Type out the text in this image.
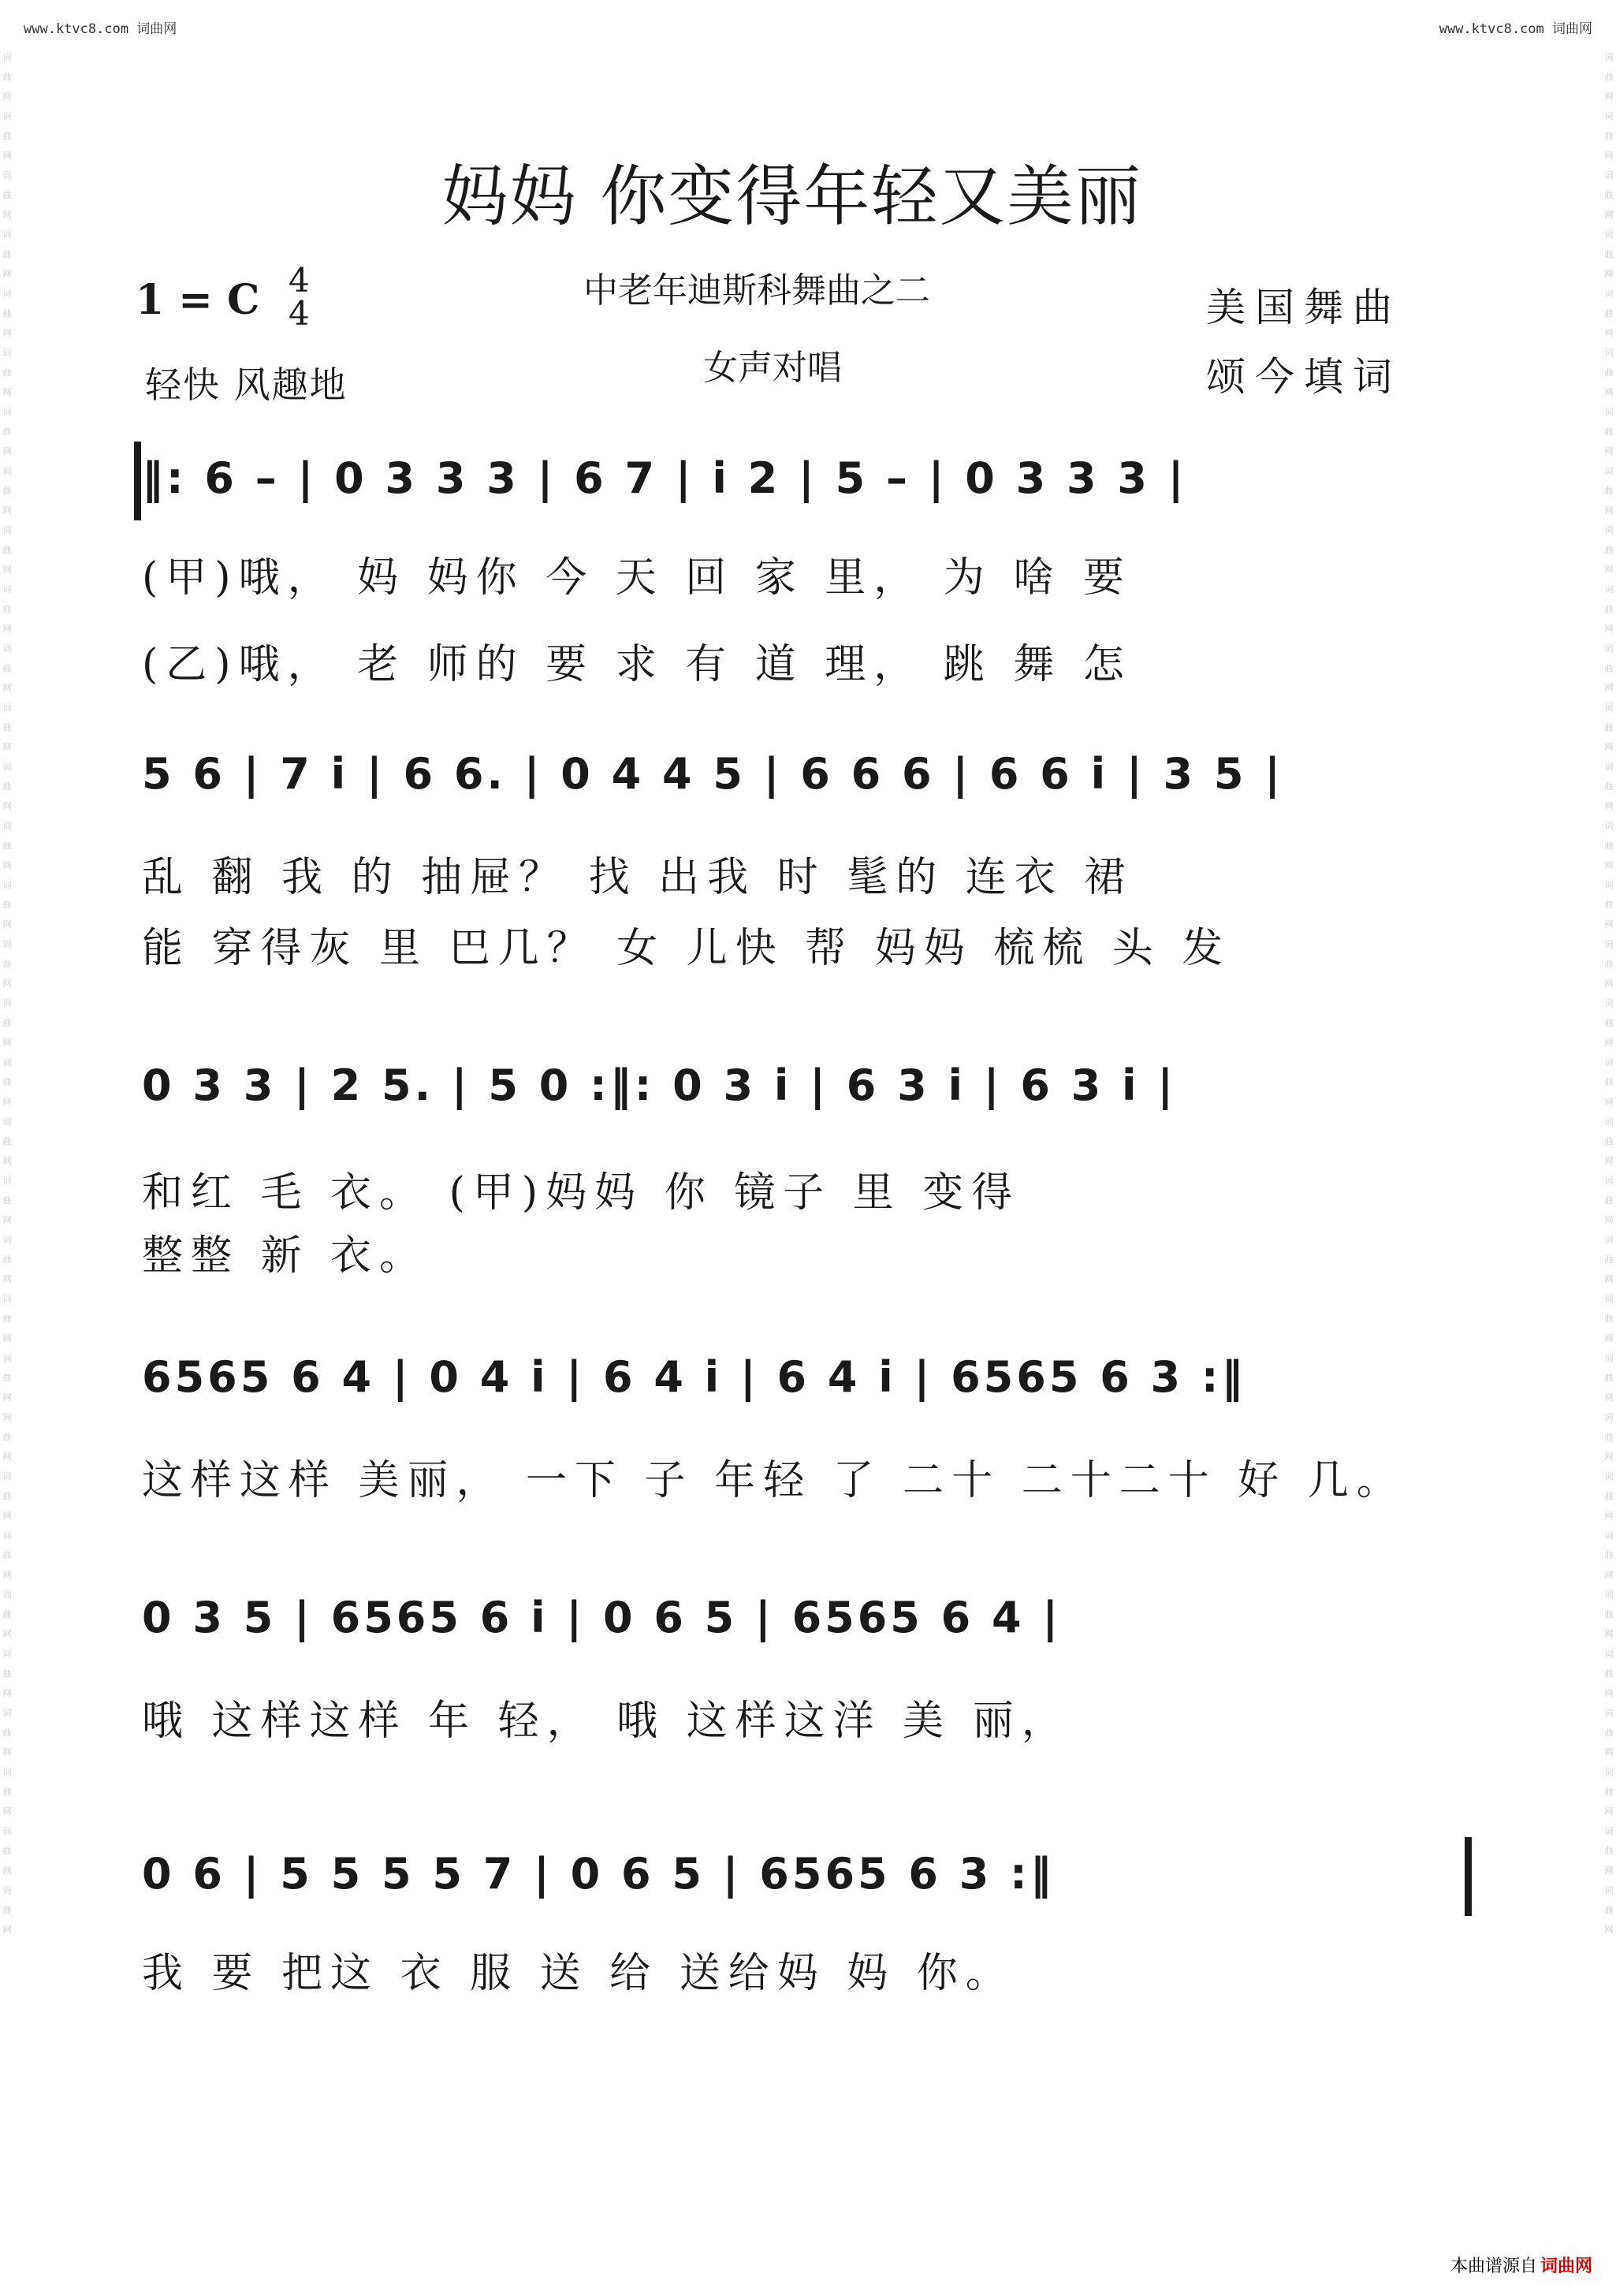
www.ktvc8.com 词曲网	www.ktvc8.com 词曲网
词曲网词曲网词曲网词曲网词曲网词曲网词曲网词曲网词曲网词曲网词曲网词曲网词曲网词曲网词曲网词曲网词曲网词曲网词曲网词曲网词曲网词曲网词曲网词曲网词曲网词曲网词曲网词曲网词曲网词曲网词曲网词曲网
词曲网词曲网词曲网词曲网词曲网词曲网词曲网词曲网词曲网词曲网词曲网词曲网词曲网词曲网词曲网词曲网词曲网词曲网词曲网词曲网词曲网词曲网词曲网词曲网词曲网词曲网词曲网词曲网词曲网词曲网词曲网词曲网
妈妈 你变得年轻又美丽
1 = C 4
4
中老年迪斯科舞曲之二
女声对唱
轻快 风趣地
美国舞曲
颂今填词
‖: 6 – | 0 3 3 3 | 6 7 | i 2 | 5 – | 0 3 3 3 |
(甲)哦， 妈 妈你 今 天 回 家 里， 为 啥 要
(乙)哦， 老 师的 要 求 有 道 理， 跳 舞 怎
5 6 | 7 i | 6 6. | 0 4 4 5 | 6 6 6 | 6 6 i | 3 5 |
乱 翻 我 的 抽屉？ 找 出我 时 髦的 连衣 裙
能 穿得灰 里 巴几？ 女 儿快 帮 妈妈 梳梳 头 发
0 3 3 | 2 5. | 5 0 :‖: 0 3 i | 6 3 i | 6 3 i |
和红 毛 衣。 (甲)妈妈 你 镜子 里 变得
整整 新 衣。
6565 6 4 | 0 4 i | 6 4 i | 6 4 i | 6565 6 3 :‖
这样这样 美丽， 一下 子 年轻 了 二十 二十二十 好 几。
0 3 5 | 6565 6 i | 0 6 5 | 6565 6 4 |
哦 这样这样 年 轻， 哦 这样这洋 美 丽，
0 6 | 5 5 5 5 7 | 0 6 5 | 6565 6 3 :‖
我 要 把这 衣 服 送 给 送给妈 妈 你。
本曲谱源自 词曲网
